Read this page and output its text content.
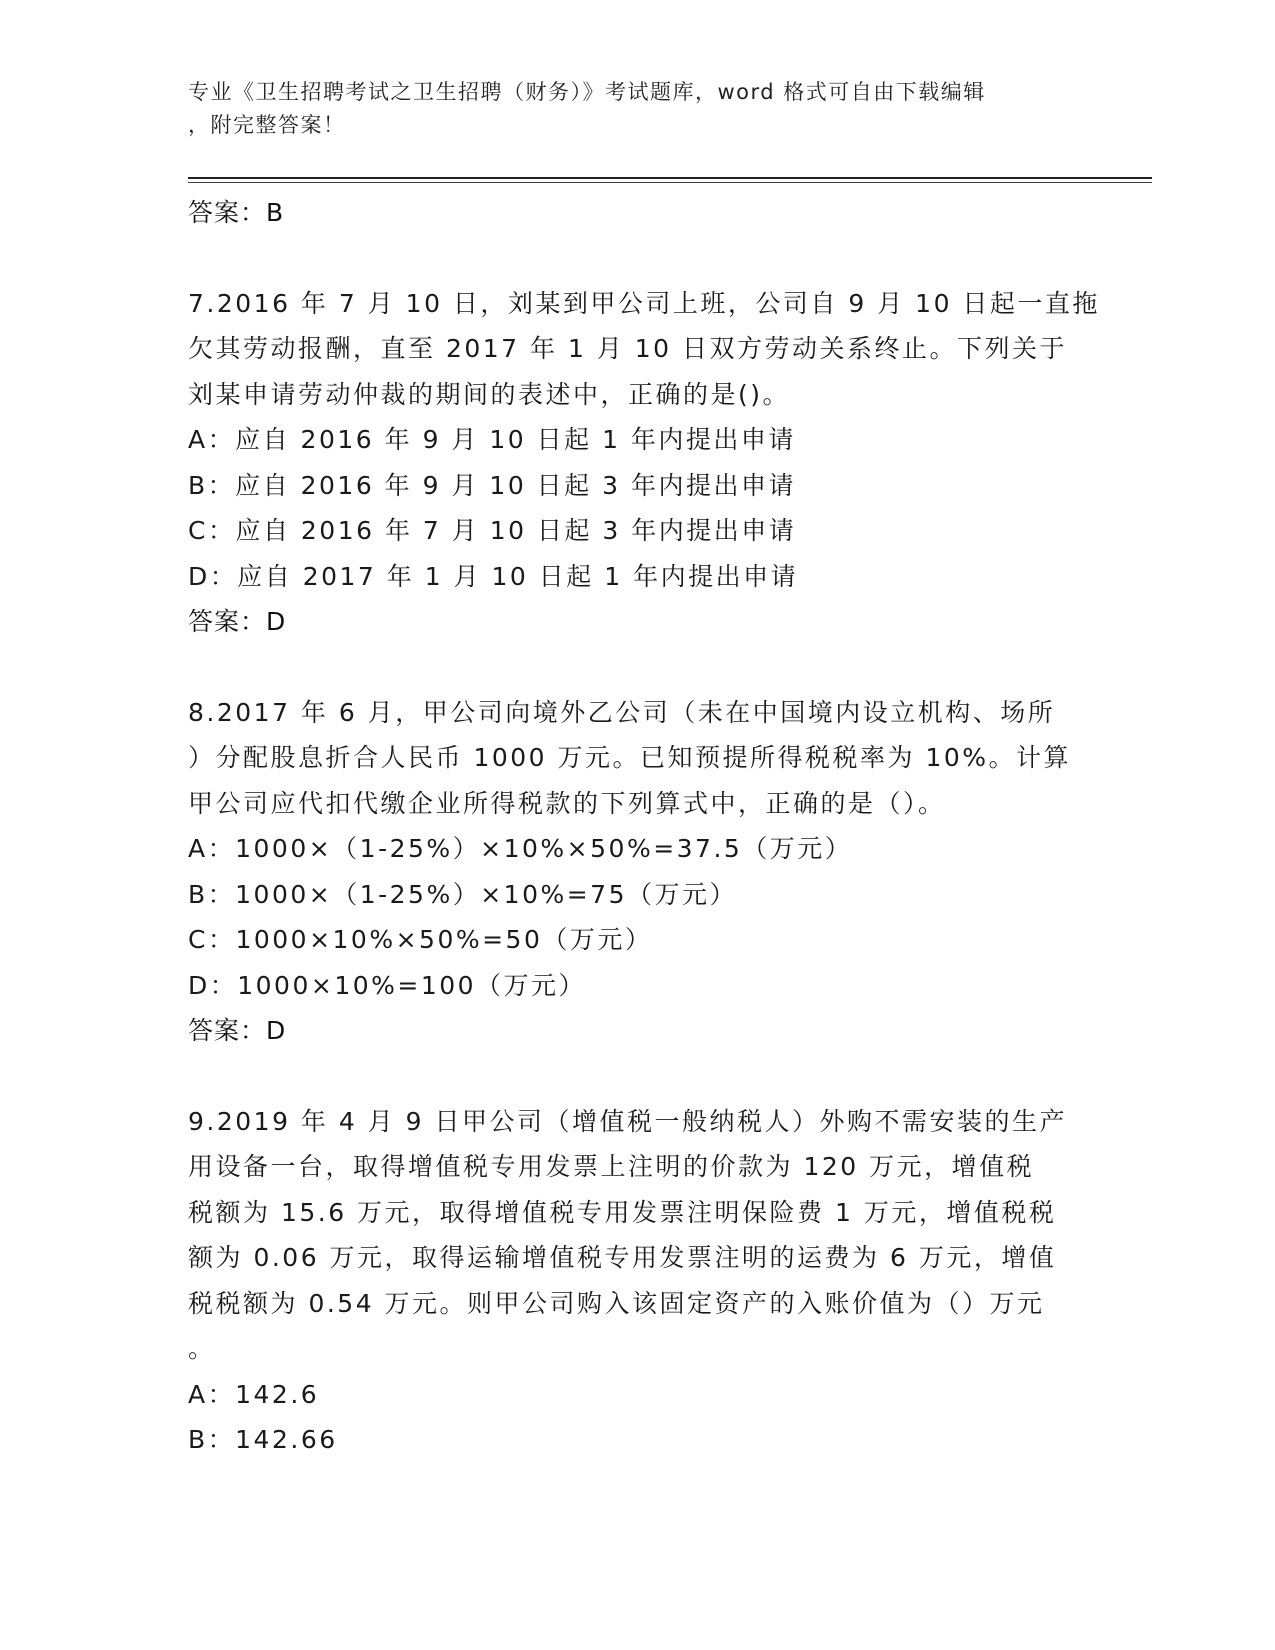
专业《卫生招聘考试之卫生招聘（财务）》考试题库，word 格式可自由下载编辑
，附完整答案！
答案：B
7.2016 年 7 月 10 日，刘某到甲公司上班，公司自 9 月 10 日起一直拖
欠其劳动报酬，直至 2017 年 1 月 10 日双方劳动关系终止。下列关于
刘某申请劳动仲裁的期间的表述中，正确的是()。
A：应自 2016 年 9 月 10 日起 1 年内提出申请
B：应自 2016 年 9 月 10 日起 3 年内提出申请
C：应自 2016 年 7 月 10 日起 3 年内提出申请
D：应自 2017 年 1 月 10 日起 1 年内提出申请
答案：D
8.2017 年 6 月，甲公司向境外乙公司（未在中国境内设立机构、场所
）分配股息折合人民币 1000 万元。已知预提所得税税率为 10%。计算
甲公司应代扣代缴企业所得税款的下列算式中，正确的是（）。
A：1000×（1-25%）×10%×50%=37.5（万元）
B：1000×（1-25%）×10%=75（万元）
C：1000×10%×50%=50（万元）
D：1000×10%=100（万元）
答案：D
9.2019 年 4 月 9 日甲公司（增值税一般纳税人）外购不需安装的生产
用设备一台，取得增值税专用发票上注明的价款为 120 万元，增值税
税额为 15.6 万元，取得增值税专用发票注明保险费 1 万元，增值税税
额为 0.06 万元，取得运输增值税专用发票注明的运费为 6 万元，增值
税税额为 0.54 万元。则甲公司购入该固定资产的入账价值为（）万元
。
A：142.6
B：142.66
